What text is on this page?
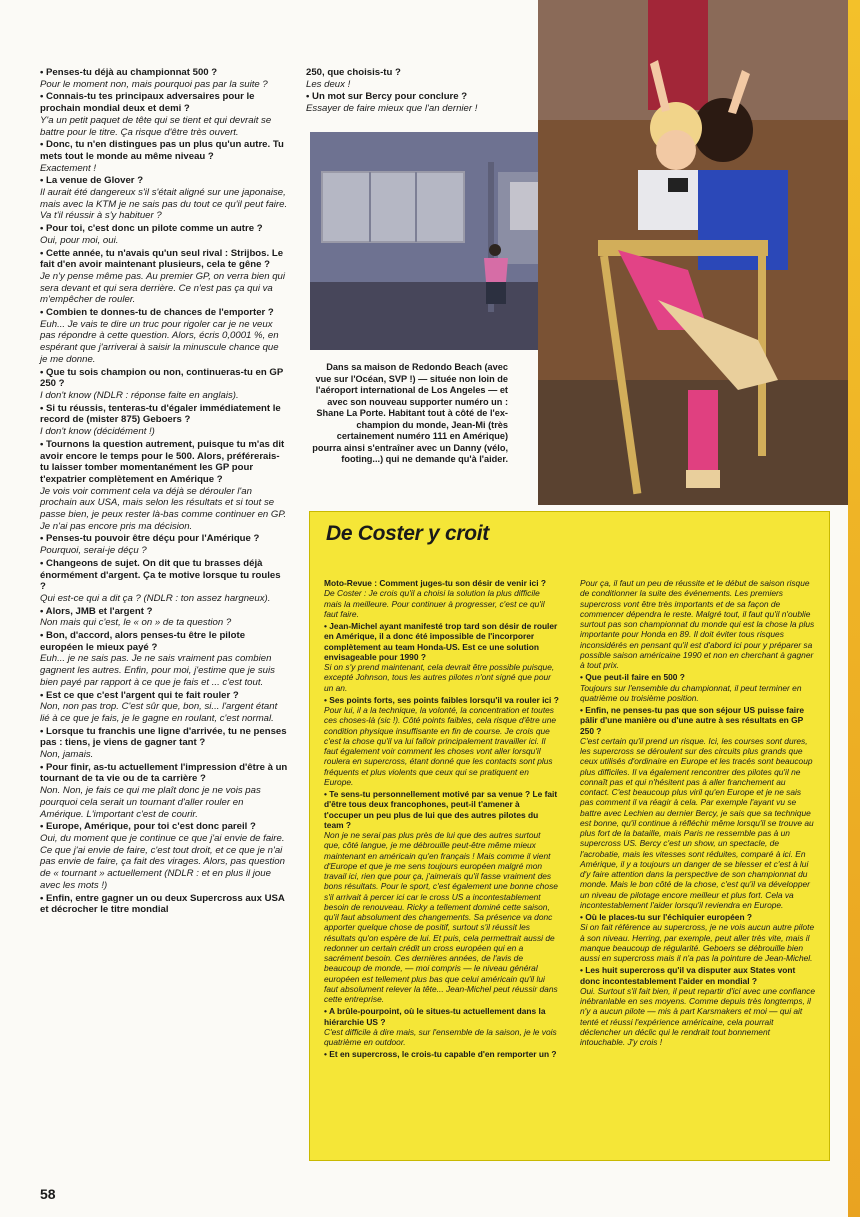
• Penses-tu déjà au championnat 500 ?

Pour le moment non, mais pourquoi pas par la suite ?

• Connais-tu tes principaux adversaires pour le prochain mondial deux et demi ?

Y'a un petit paquet de tête qui se tient et qui devrait se battre pour le titre. Ça risque d'être très ouvert.

• Donc, tu n'en distingues pas un plus qu'un autre. Tu mets tout le monde au même niveau ?

Exactement !

• La venue de Glover ?

Il aurait été dangereux s'il s'était aligné sur une japonaise, mais avec la KTM je ne sais pas du tout ce qu'il peut faire. Va t'il réussir à s'y habituer ?

• Pour toi, c'est donc un pilote comme un autre ?

Oui, pour moi, oui.

• Cette année, tu n'avais qu'un seul rival : Strijbos. Le fait d'en avoir maintenant plusieurs, cela te gêne ?

Je n'y pense même pas. Au premier GP, on verra bien qui sera devant et qui sera derrière. Ce n'est pas ça qui va m'empêcher de rouler.

• Combien te donnes-tu de chances de l'emporter ?

Euh... Je vais te dire un truc pour rigoler car je ne veux pas répondre à cette question. Alors, écris 0,0001 %, en espérant que j'arriverai à saisir la minuscule chance que je me donne.

• Que tu sois champion ou non, continueras-tu en GP 250 ?

I don't know (NDLR : réponse faite en anglais).

• Si tu réussis, tenteras-tu d'égaler immédiatement le record de (mister 875) Geboers ?

I don't know (décidément !)

• Tournons la question autrement, puisque tu m'as dit avoir encore le temps pour le 500. Alors, préférerais-tu laisser tomber momentanément les GP pour t'expatrier complètement en Amérique ?

Je vois voir comment cela va déjà se dérouler l'an prochain aux USA, mais selon les résultats et si tout se passe bien, je peux rester là-bas comme continuer en GP. Je n'ai pas encore pris ma décision.

• Penses-tu pouvoir être déçu pour l'Amérique ?

Pourquoi, serai-je déçu ?

• Changeons de sujet. On dit que tu brasses déjà énormément d'argent. Ça te motive lorsque tu roules ?

Qui est-ce qui a dit ça ? (NDLR : ton assez hargneux).

• Alors, JMB et l'argent ?

Non mais qui c'est, le « on » de ta question ?

• Bon, d'accord, alors penses-tu être le pilote européen le mieux payé ?

Euh... je ne sais pas. Je ne sais vraiment pas combien gagnent les autres. Enfin, pour moi, j'estime que je suis bien payé par rapport à ce que je fais et ... c'est tout.

• Est ce que c'est l'argent qui te fait rouler ?

Non, non pas trop. C'est sûr que, bon, si... l'argent étant lié à ce que je fais, je le gagne en roulant, c'est normal.

• Lorsque tu franchis une ligne d'arrivée, tu ne penses pas : tiens, je viens de gagner tant ?

Non, jamais.

• Pour finir, as-tu actuellement l'impression d'être à un tournant de ta vie ou de ta carrière ?

Non. Non, je fais ce qui me plaît donc je ne vois pas pourquoi cela serait un tournant d'aller rouler en Amérique. L'important c'est de courir.

• Europe, Amérique, pour toi c'est donc pareil ?

Oui, du moment que je continue ce que j'ai envie de faire. Ce que j'ai envie de faire, c'est tout droit, et ce que je n'ai pas envie de faire, ça fait des virages. Alors, pas question de « tournant » actuellement (NDLR : et en plus il joue avec les mots !)

• Enfin, entre gagner un ou deux Supercross aux USA et décrocher le titre mondial

250, que choisis-tu ?

Les deux !

• Un mot sur Bercy pour conclure ?

Essayer de faire mieux que l'an dernier !

Dans sa maison de Redondo Beach (avec vue sur l'Océan, SVP !) — située non loin de l'aéroport international de Los Angeles — et avec son nouveau supporter numéro un : Shane La Porte. Habitant tout à côté de l'ex-champion du monde, Jean-Mi (très certainement numéro 111 en Amérique) pourra ainsi s'entraîner avec un Danny (vélo, footing...) qui ne demande qu'à l'aider.
De Coster y croit

Moto-Revue : Comment juges-tu son désir de venir ici ?

De Coster : Je crois qu'il a choisi la solution la plus difficile mais la meilleure. Pour continuer à progresser, c'est ce qu'il faut faire.

• Jean-Michel ayant manifesté trop tard son désir de rouler en Amérique, il a donc été impossible de l'incorporer complètement au team Honda-US. Est ce une solution envisageable pour 1990 ?

Si on s'y prend maintenant, cela devrait être possible puisque, excepté Johnson, tous les autres pilotes n'ont signé que pour un an.

• Ses points forts, ses points faibles lorsqu'il va rouler ici ?

Pour lui, il a la technique, la volonté, la concentration et toutes ces choses-là (sic !). Côté points faibles, cela risque d'être une condition physique insuffisante en fin de course. Je crois que c'est la chose qu'il va lui falloir principalement travailler ici. Il faut également voir comment les choses vont aller lorsqu'il roulera en supercross, étant donné que les contacts sont plus fréquents et plus violents que ceux qui se pratiquent en Europe.

• Te sens-tu personnellement motivé par sa venue ? Le fait d'être tous deux francophones, peut-il t'amener à t'occuper un peu plus de lui que des autres pilotes du team ?

Non je ne serai pas plus près de lui que des autres surtout que, côté langue, je me débrouille peut-être même mieux maintenant en américain qu'en français ! Mais comme il vient d'Europe et que je me sens toujours européen malgré mon travail ici, rien que pour ça, j'aimerais qu'il fasse vraiment des bons résultats. Pour le sport, c'est également une bonne chose s'il arrivait à percer ici car le cross US a incontestablement besoin de renouveau. Ricky a tellement dominé cette saison, qu'il faut absolument des changements. Sa présence va donc apporter quelque chose de positif, surtout s'il réussit les résultats qu'on espère de lui. Et puis, cela permettrait aussi de redonner un certain crédit un cross européen qui en a sacrément besoin. Ces dernières années, de l'avis de beaucoup de monde, — moi compris — le niveau général européen est tellement plus bas que celui américain qu'il lui faut absolument relever la tête... Jean-Michel peut réussir dans cette entreprise.

• A brûle-pourpoint, où le situes-tu actuellement dans la hiérarchie US ?

C'est difficile à dire mais, sur l'ensemble de la saison, je le vois quatrième en outdoor.

• Et en supercross, le crois-tu capable d'en remporter un ?

Pour ça, il faut un peu de réussite et le début de saison risque de conditionner la suite des événements. Les premiers supercross vont être très importants et de sa façon de commencer dépendra le reste. Malgré tout, il faut qu'il n'oublie surtout pas son championnat du monde qui est la chose la plus importante pour Honda en 89. Il doit éviter tous risques inconsidérés en pensant qu'il est d'abord ici pour y préparer sa possible saison américaine 1990 et non en cherchant à gagner à tout prix.

• Que peut-il faire en 500 ?

Toujours sur l'ensemble du championnat, il peut terminer en quatrième ou troisième position.

• Enfin, ne penses-tu pas que son séjour US puisse faire pâlir d'une manière ou d'une autre à ses résultats en GP 250 ?

C'est certain qu'il prend un risque. Ici, les courses sont dures, les supercross se déroulent sur des circuits plus grands que ceux utilisés d'ordinaire en Europe et les tracés sont beaucoup plus difficiles. Il va également rencontrer des pilotes qu'il ne connaît pas et qui n'hésitent pas à aller franchement au contact. C'est beaucoup plus viril qu'en Europe et je ne sais pas comment il va réagir à cela. Par exemple l'ayant vu se battre avec Lechien au dernier Bercy, je sais que sa technique est bonne, qu'il continue à réfléchir même lorsqu'il se trouve au plus fort de la bataille, mais Paris ne ressemble pas à un supercross US. Bercy c'est un show, un spectacle, de l'acrobatie, mais les vitesses sont réduites, comparé à ici. En Amérique, il y a toujours un danger de se blesser et c'est à lui d'y faire attention dans la perspective de son championnat du monde. Mais le bon côté de la chose, c'est qu'il va développer un niveau de pilotage encore meilleur et plus fort. Cela va incontestablement l'aider lorsqu'il reviendra en Europe.

• Où le places-tu sur l'échiquier européen ?

Si on fait référence au supercross, je ne vois aucun autre pilote à son niveau. Herring, par exemple, peut aller très vite, mais il manque beaucoup de régularité. Geboers se débrouille bien aussi en supercross mais il n'a pas la pointure de Jean-Michel.

• Les huit supercross qu'il va disputer aux States vont donc incontestablement l'aider en mondial ?

Oui. Surtout s'il fait bien, il peut repartir d'ici avec une confiance inébranlable en ses moyens. Comme depuis très longtemps, il n'y a aucun pilote — mis à part Karsmakers et moi — qui ait tenté et réussi l'expérience américaine, cela pourrait déclencher un déclic qui le rendrait tout bonnement intouchable. J'y crois !

58
